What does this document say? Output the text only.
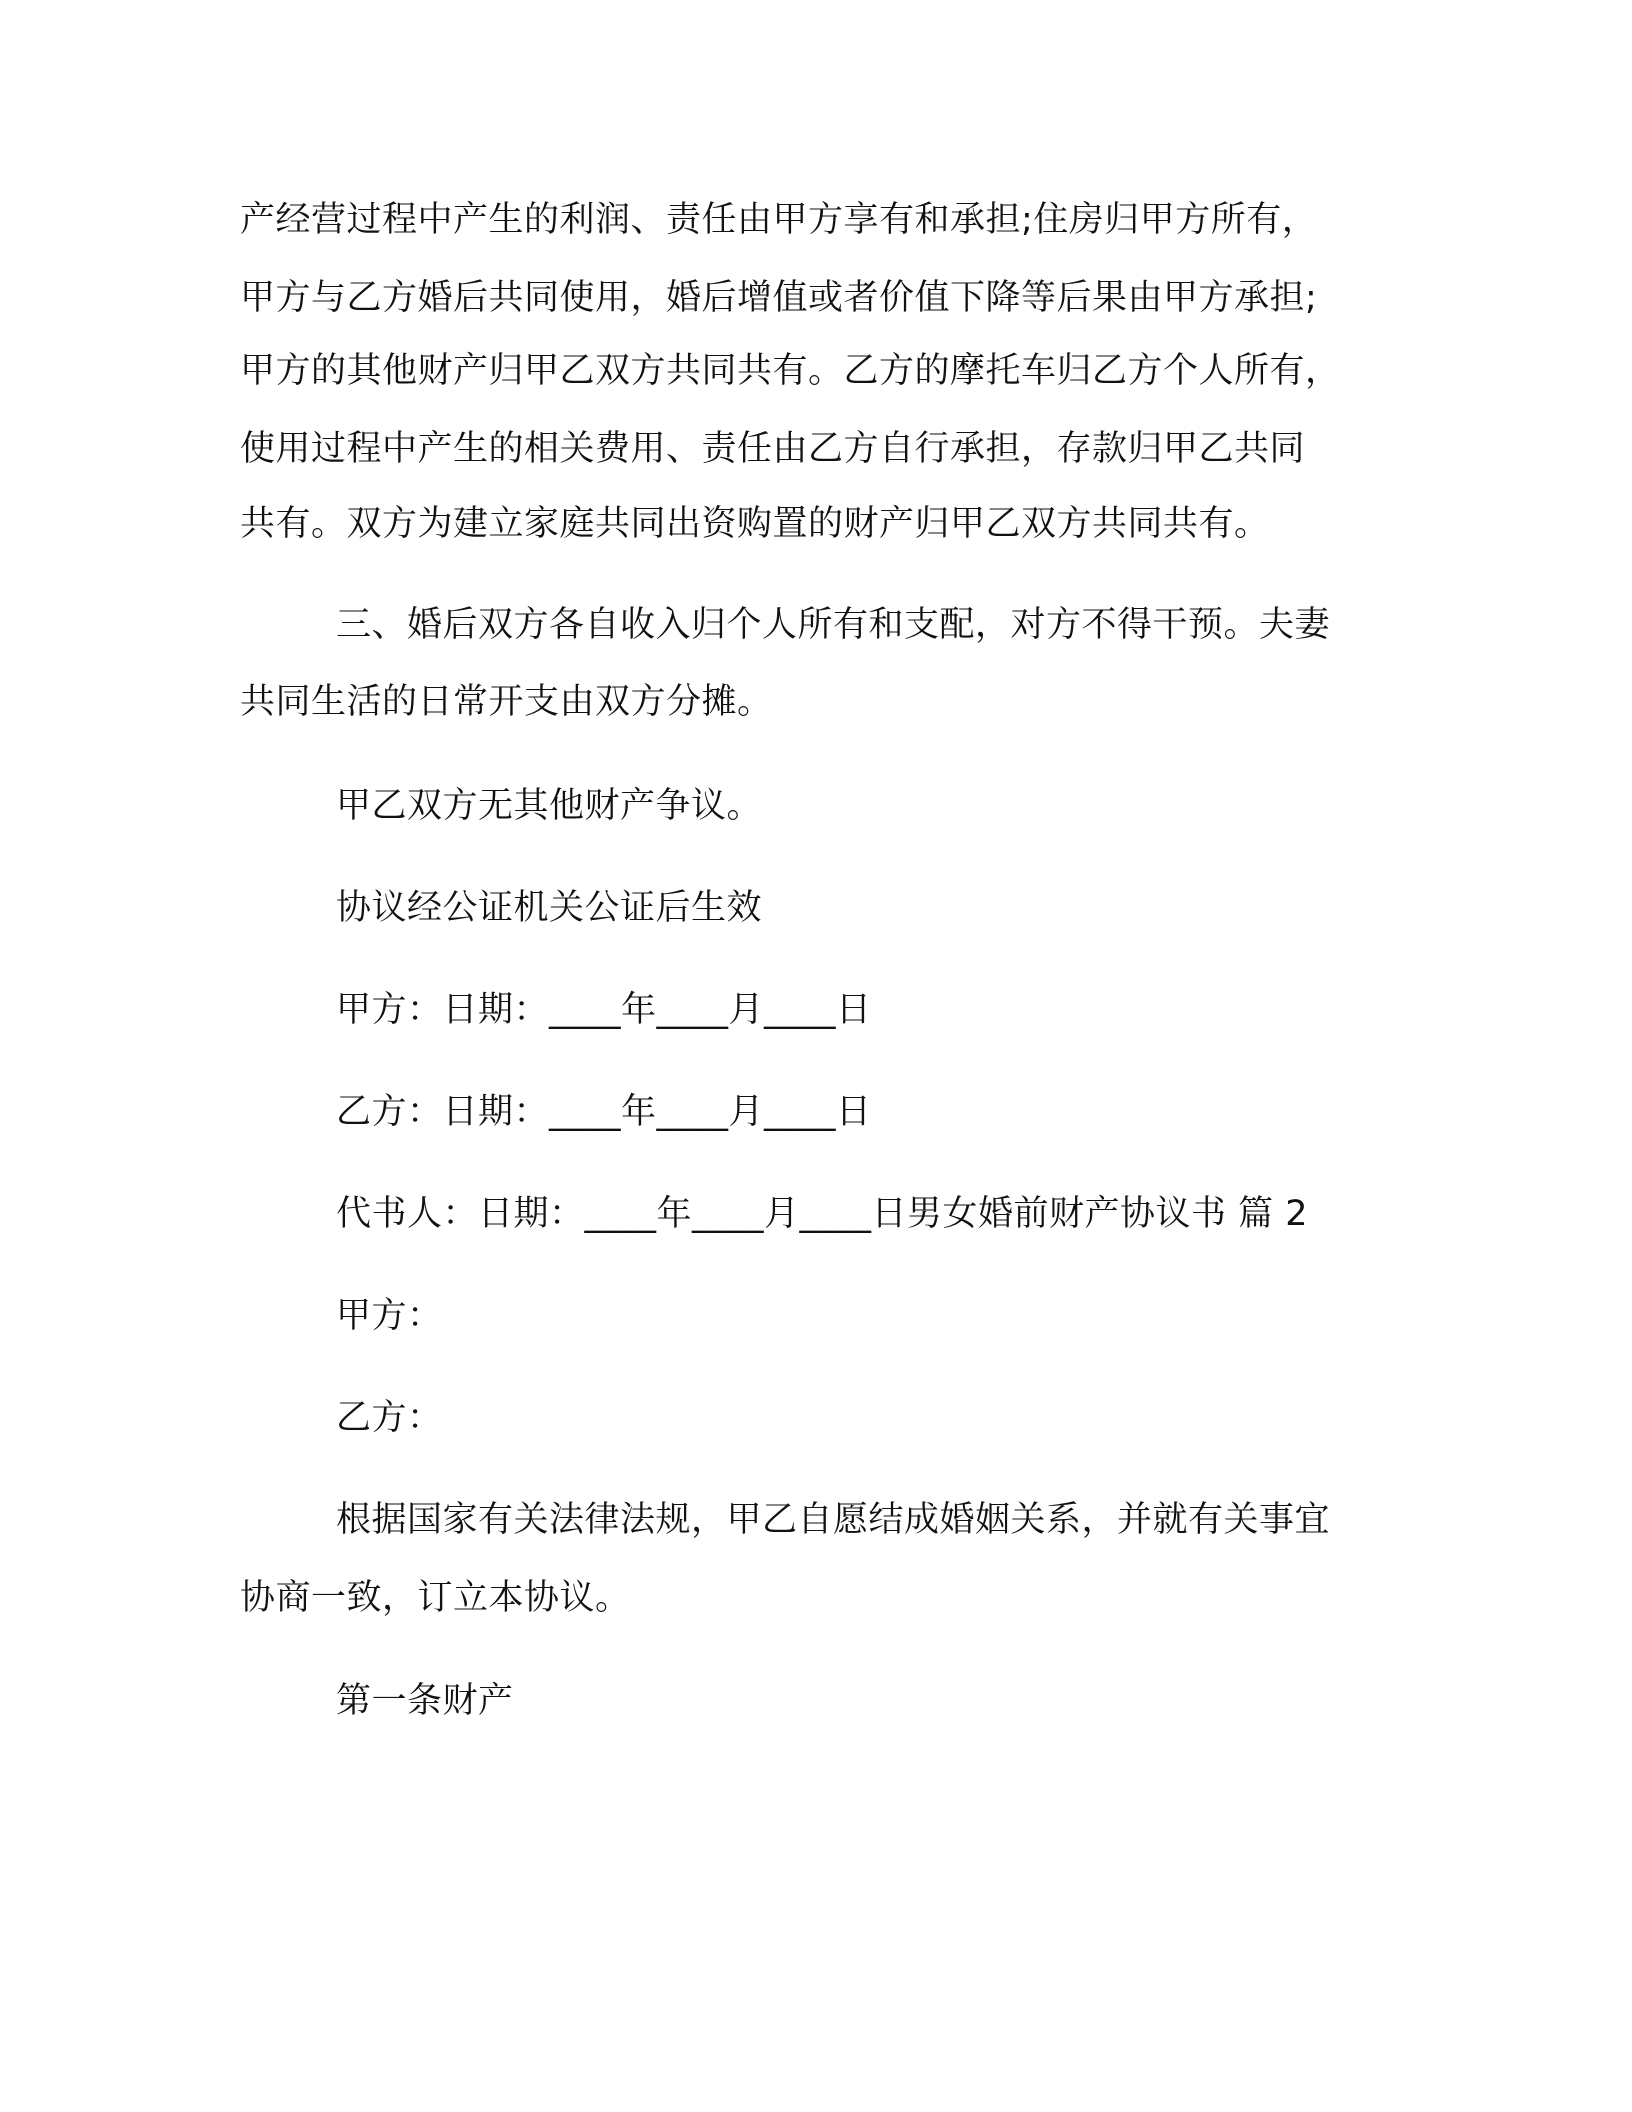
产经营过程中产生的利润、责任由甲方享有和承担;住房归甲方所有，
甲方与乙方婚后共同使用，婚后增值或者价值下降等后果由甲方承担;
甲方的其他财产归甲乙双方共同共有。乙方的摩托车归乙方个人所有，
使用过程中产生的相关费用、责任由乙方自行承担，存款归甲乙共同
共有。双方为建立家庭共同出资购置的财产归甲乙双方共同共有。
三、婚后双方各自收入归个人所有和支配，对方不得干预。夫妻
共同生活的日常开支由双方分摊。
甲乙双方无其他财产争议。
协议经公证机关公证后生效
甲方：日期：____年____月____日
乙方：日期：____年____月____日
代书人：日期：____年____月____日男女婚前财产协议书 篇 2
甲方：
乙方：
根据国家有关法律法规，甲乙自愿结成婚姻关系，并就有关事宜
协商一致，订立本协议。
第一条财产
